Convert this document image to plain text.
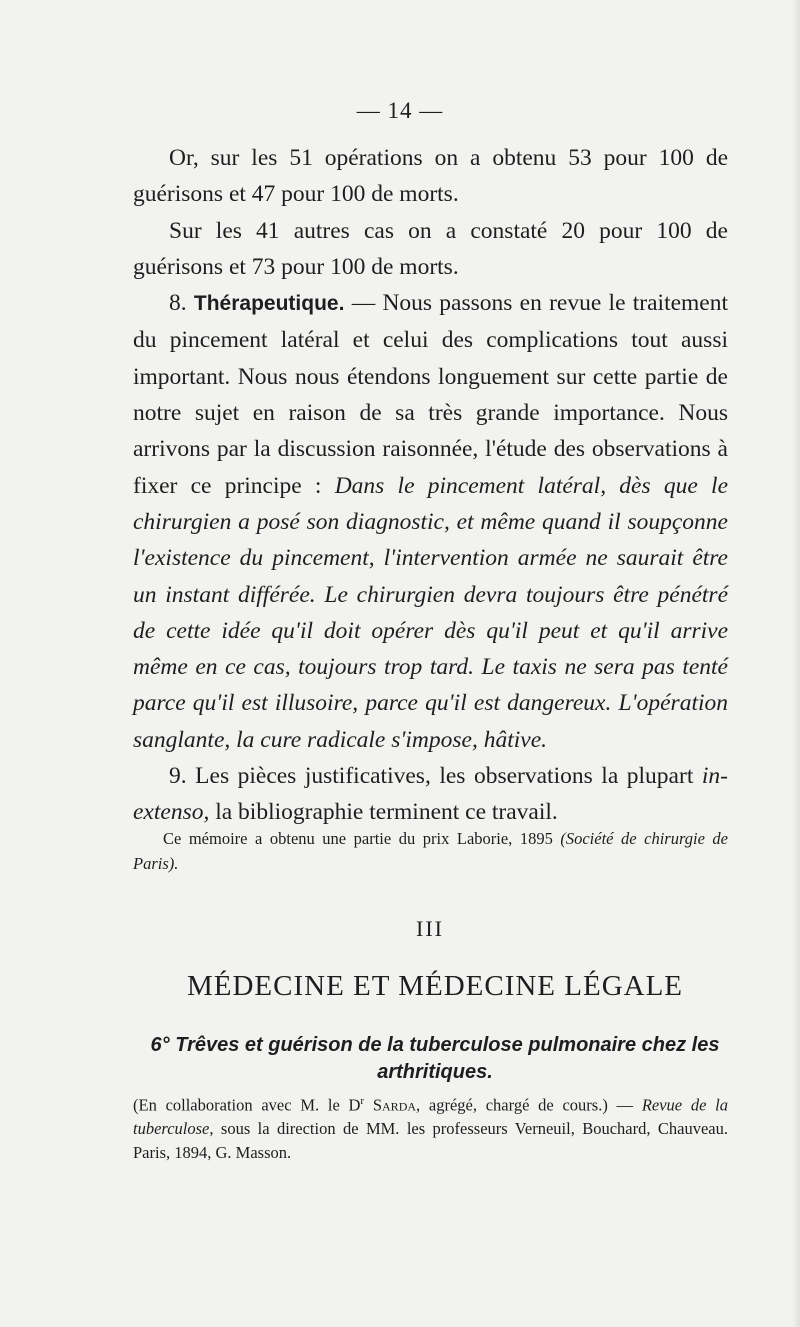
— 14 —

Or, sur les 51 opérations on a obtenu 53 pour 100 de guérisons et 47 pour 100 de morts.

Sur les 41 autres cas on a constaté 20 pour 100 de guérisons et 73 pour 100 de morts.

8. Thérapeutique. — Nous passons en revue le traitement du pincement latéral et celui des complications tout aussi important. Nous nous étendons longuement sur cette partie de notre sujet en raison de sa très grande importance. Nous arrivons par la discussion raisonnée, l'étude des observations à fixer ce principe : Dans le pincement latéral, dès que le chirurgien a posé son diagnostic, et même quand il soupçonne l'existence du pincement, l'intervention armée ne saurait être un instant différée. Le chirurgien devra toujours être pénétré de cette idée qu'il doit opérer dès qu'il peut et qu'il arrive même en ce cas, toujours trop tard. Le taxis ne sera pas tenté parce qu'il est illusoire, parce qu'il est dangereux. L'opération sanglante, la cure radicale s'impose, hâtive.

9. Les pièces justificatives, les observations la plupart in-extenso, la bibliographie terminent ce travail.

Ce mémoire a obtenu une partie du prix Laborie, 1895 (Société de chirurgie de Paris).

III
MÉDECINE ET MÉDECINE LÉGALE
6° Trêves et guérison de la tuberculose pulmonaire chez les arthritiques.

(En collaboration avec M. le $D^r$ Sarda, agrégé, chargé de cours.) — Revue de la tuberculose, sous la direction de MM. les professeurs Verneuil, Bouchard, Chauveau. Paris, 1894, G. Masson.
